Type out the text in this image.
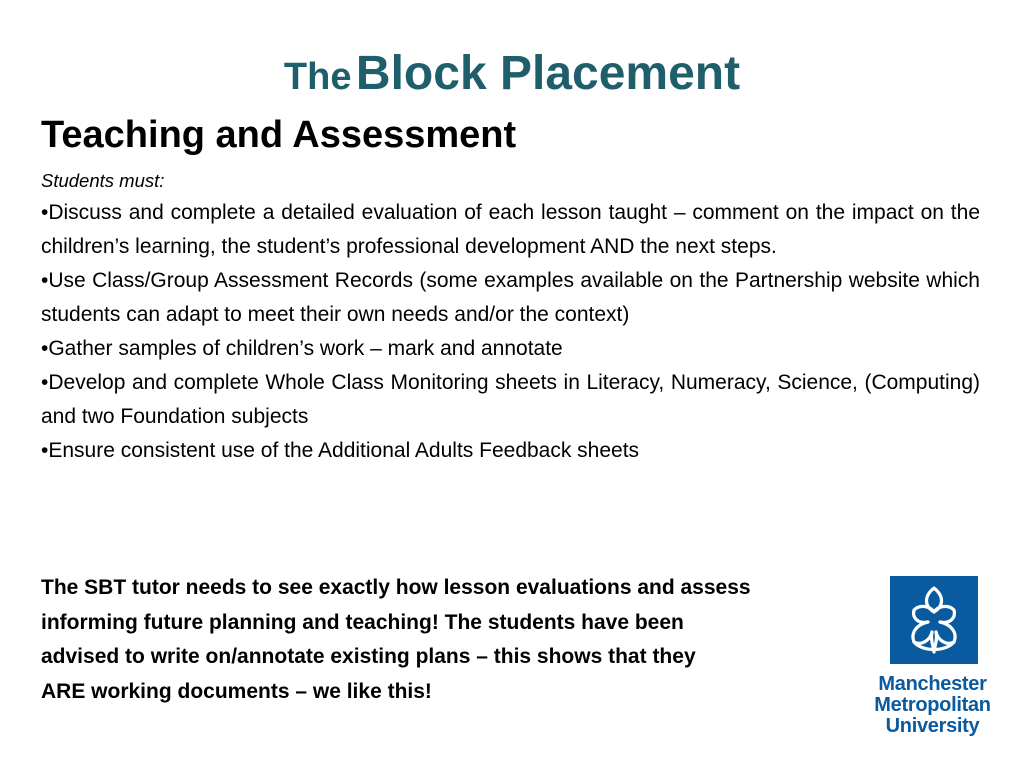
The Block Placement
Teaching and Assessment
Students must:
•Discuss and complete a detailed evaluation of each lesson taught – comment on the impact on the children’s learning, the student’s professional development AND the next steps.
•Use Class/Group Assessment Records (some examples available on the Partnership website which students can adapt to meet their own needs and/or the context)
•Gather samples of children’s work – mark and annotate
•Develop and complete Whole Class Monitoring sheets in Literacy, Numeracy, Science, (Computing) and two Foundation subjects
•Ensure consistent use of the Additional Adults Feedback sheets
The SBT tutor needs to see exactly how lesson evaluations and assess
informing future planning and teaching! The students have been
advised to write on/annotate existing plans – this shows that they
ARE working documents – we like this!	Manchester
Metropolitan
University
